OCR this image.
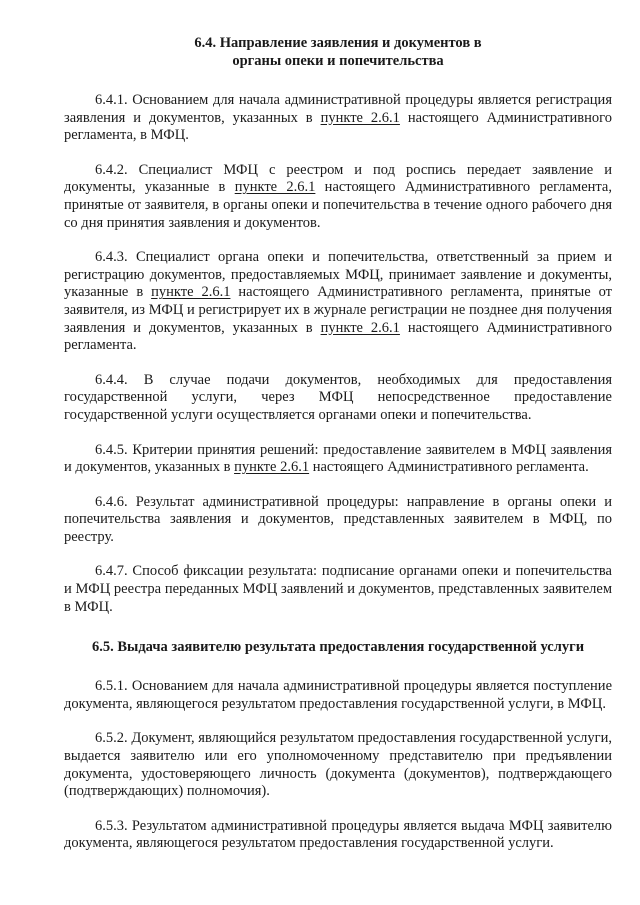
6.4. Направление заявления и документов в
органы опеки и попечительства

6.4.1. Основанием для начала административной процедуры является регистрация заявления и документов, указанных в пункте 2.6.1 настоящего Административного регламента, в МФЦ.

6.4.2. Специалист МФЦ с реестром и под роспись передает заявление и документы, указанные в пункте 2.6.1 настоящего Административного регламента, принятые от заявителя, в органы опеки и попечительства в течение одного рабочего дня со дня принятия заявления и документов.

6.4.3. Специалист органа опеки и попечительства, ответственный за прием и регистрацию документов, предоставляемых МФЦ, принимает заявление и документы, указанные в пункте 2.6.1 настоящего Административного регламента, принятые от заявителя, из МФЦ и регистрирует их в журнале регистрации не позднее дня получения заявления и документов, указанных в пункте 2.6.1 настоящего Административного регламента.

6.4.4. В случае подачи документов, необходимых для предоставления государственной услуги, через МФЦ непосредственное предоставление государственной услуги осуществляется органами опеки и попечительства.

6.4.5. Критерии принятия решений: предоставление заявителем в МФЦ заявления и документов, указанных в пункте 2.6.1 настоящего Административного регламента.

6.4.6. Результат административной процедуры: направление в органы опеки и попечительства заявления и документов, представленных заявителем в МФЦ, по реестру.

6.4.7. Способ фиксации результата: подписание органами опеки и попечительства и МФЦ реестра переданных МФЦ заявлений и документов, представленных заявителем в МФЦ.

6.5. Выдача заявителю результата предоставления государственной услуги

6.5.1. Основанием для начала административной процедуры является поступление документа, являющегося результатом предоставления государственной услуги, в МФЦ.

6.5.2. Документ, являющийся результатом предоставления государственной услуги, выдается заявителю или его уполномоченному представителю при предъявлении документа, удостоверяющего личность (документа (документов), подтверждающего (подтверждающих) полномочия).

6.5.3. Результатом административной процедуры является выдача МФЦ заявителю документа, являющегося результатом предоставления государственной услуги.
